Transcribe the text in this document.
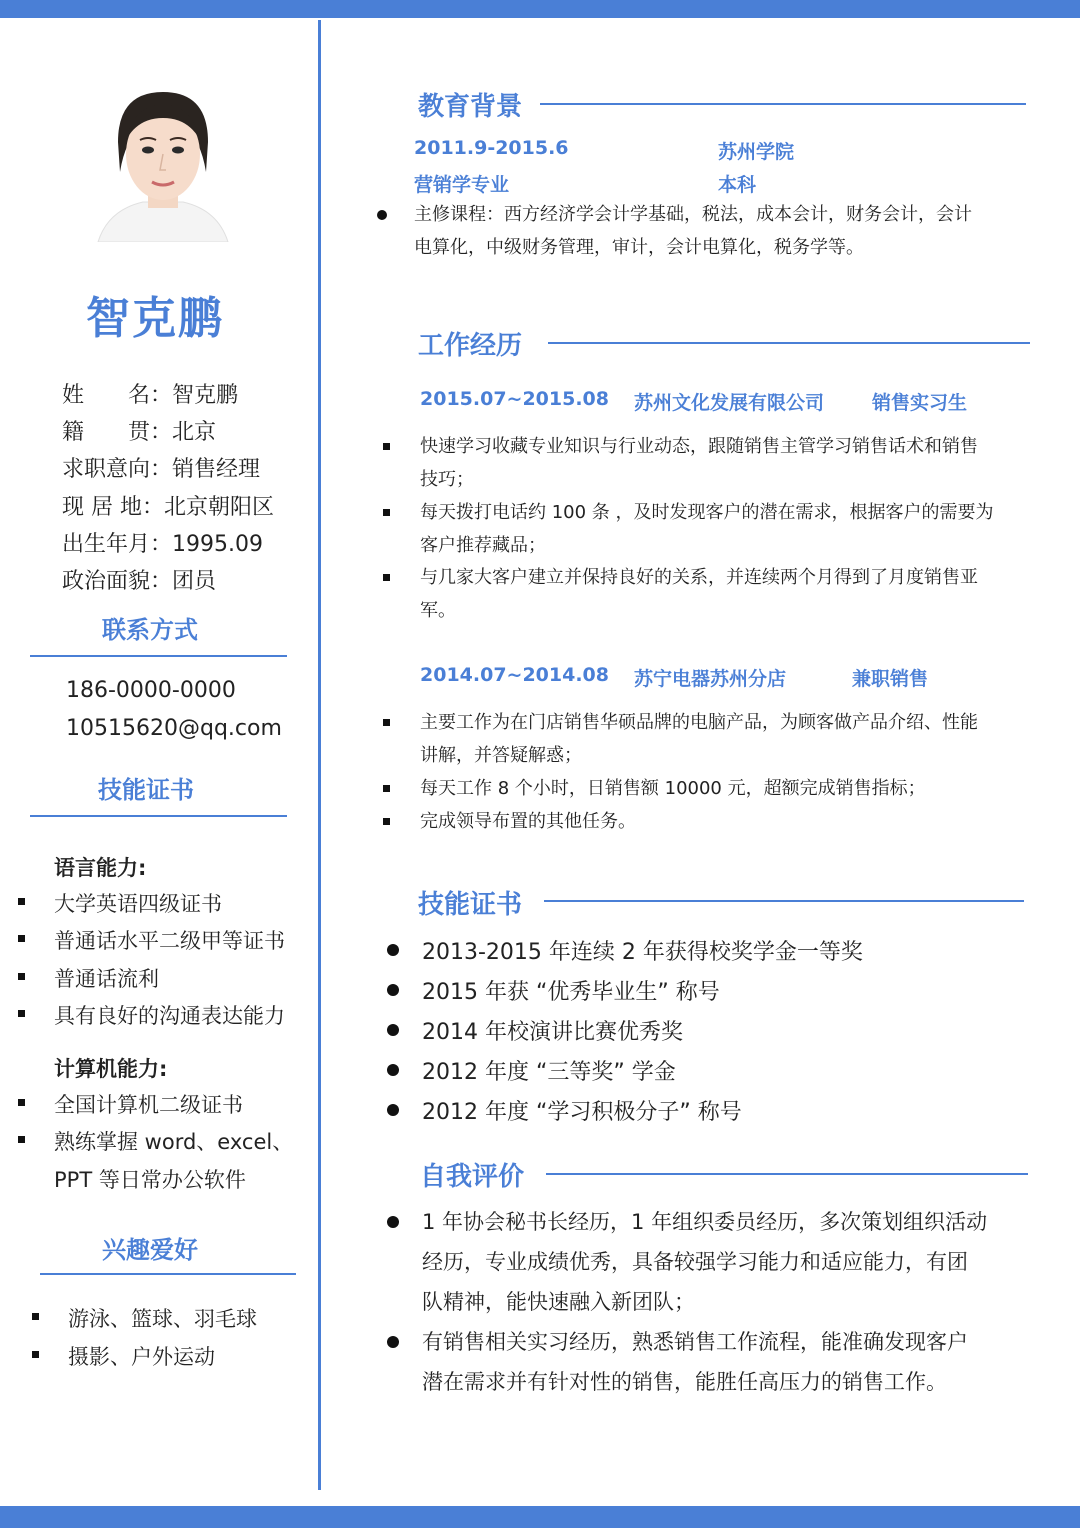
智克鹏
姓　　名：智克鹏
籍　　贯：北京
求职意向：销售经理
现 居 地：北京朝阳区
出生年月：1995.09
政治面貌：团员
联系方式
186-0000-0000
10515620@qq.com
技能证书
语言能力:
大学英语四级证书
普通话水平二级甲等证书
普通话流利
具有良好的沟通表达能力
计算机能力:
全国计算机二级证书
熟练掌握 word、excel、
PPT 等日常办公软件
兴趣爱好
游泳、篮球、羽毛球
摄影、户外运动
教育背景
2011.9-2015.6	苏州学院
营销学专业	本科
主修课程：西方经济学会计学基础，税法，成本会计，财务会计，会计
电算化，中级财务管理，审计，会计电算化，税务学等。
工作经历
2015.07~2015.08 苏州文化发展有限公司	销售实习生
快速学习收藏专业知识与行业动态，跟随销售主管学习销售话术和销售
技巧；
每天拨打电话约 100 条 ，及时发现客户的潜在需求，根据客户的需要为
客户推荐藏品；
与几家大客户建立并保持良好的关系，并连续两个月得到了月度销售亚
军。
2014.07~2014.08 苏宁电器苏州分店	兼职销售
主要工作为在门店销售华硕品牌的电脑产品，为顾客做产品介绍、性能
讲解，并答疑解惑；
每天工作 8 个小时，日销售额 10000 元，超额完成销售指标；
完成领导布置的其他任务。
技能证书
2013-2015 年连续 2 年获得校奖学金一等奖
2015 年获 “优秀毕业生” 称号
2014 年校演讲比赛优秀奖
2012 年度 “三等奖” 学金
2012 年度 “学习积极分子” 称号
自我评价
1 年协会秘书长经历，1 年组织委员经历，多次策划组织活动
经历，专业成绩优秀，具备较强学习能力和适应能力，有团
队精神，能快速融入新团队；
有销售相关实习经历，熟悉销售工作流程，能准确发现客户
潜在需求并有针对性的销售，能胜任高压力的销售工作。
